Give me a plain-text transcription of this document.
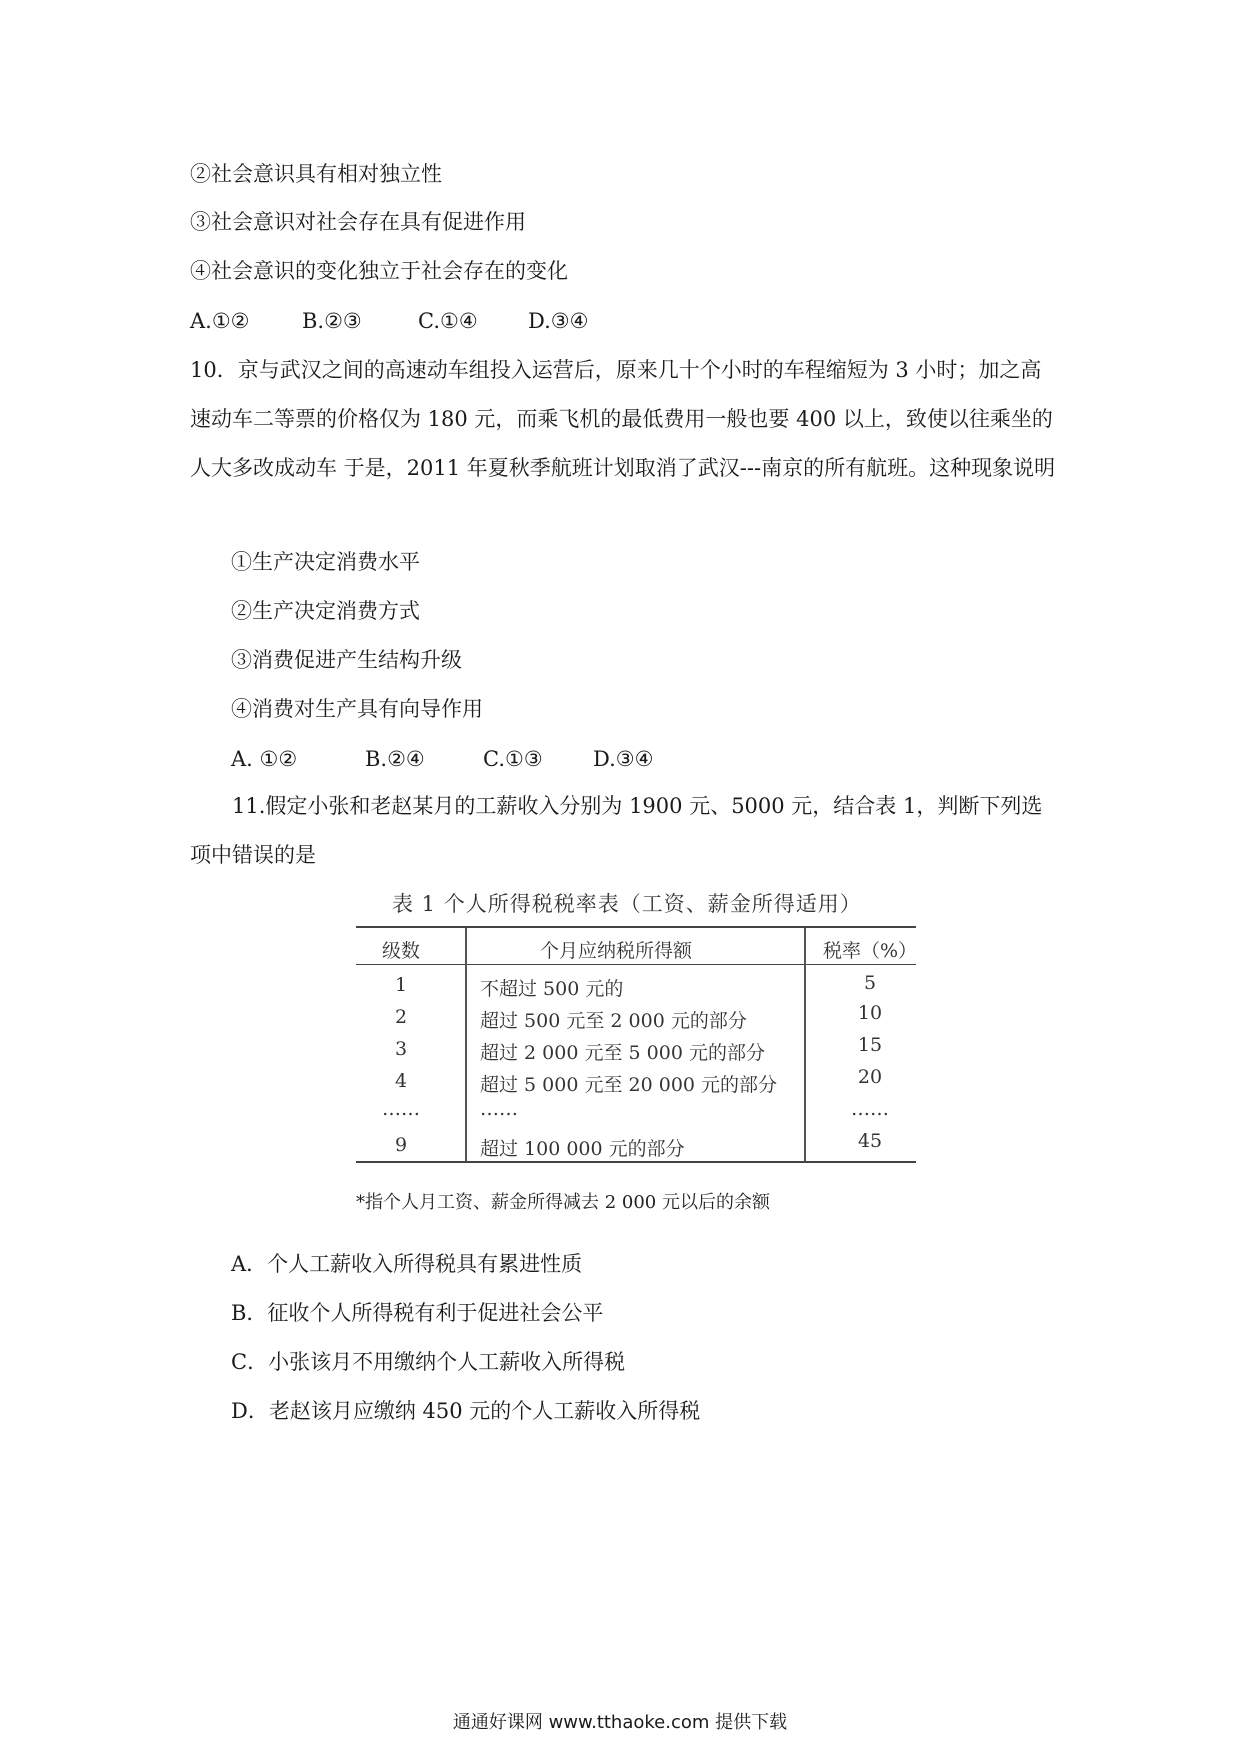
②社会意识具有相对独立性
③社会意识对社会存在具有促进作用
④社会意识的变化独立于社会存在的变化
A.①②	B.②③	C.①④ D.③④
10．京与武汉之间的高速动车组投入运营后，原来几十个小时的车程缩短为 3 小时；加之高速动车二等票的价格仅为 180 元，而乘飞机的最低费用一般也要 400 以上，致使以往乘坐的人大多改成动车 于是，2011 年夏秋季航班计划取消了武汉---南京的所有航班。这种现象说明
①生产决定消费水平
②生产决定消费方式
③消费促进产生结构升级
④消费对生产具有向导作用
A. ①②	B.②④	C.①③ D.③④
11.假定小张和老赵某月的工薪收入分别为 1900 元、5000 元，结合表 1，判断下列选项中错误的是
表 1 个人所得税税率表（工资、薪金所得适用）
级数	个月应纳税所得额	税率（%）
1	不超过 500 元的	5
2	超过 500 元至 2 000 元的部分	10
3	超过 2 000 元至 5 000 元的部分	15
4	超过 5 000 元至 20 000 元的部分	20
……	……	……
9	超过 100 000 元的部分	45
*指个人月工资、薪金所得减去 2 000 元以后的余额
A．个人工薪收入所得税具有累进性质
B．征收个人所得税有利于促进社会公平
C．小张该月不用缴纳个人工薪收入所得税
D．老赵该月应缴纳 450 元的个人工薪收入所得税
通通好课网 www.tthaoke.com 提供下载
